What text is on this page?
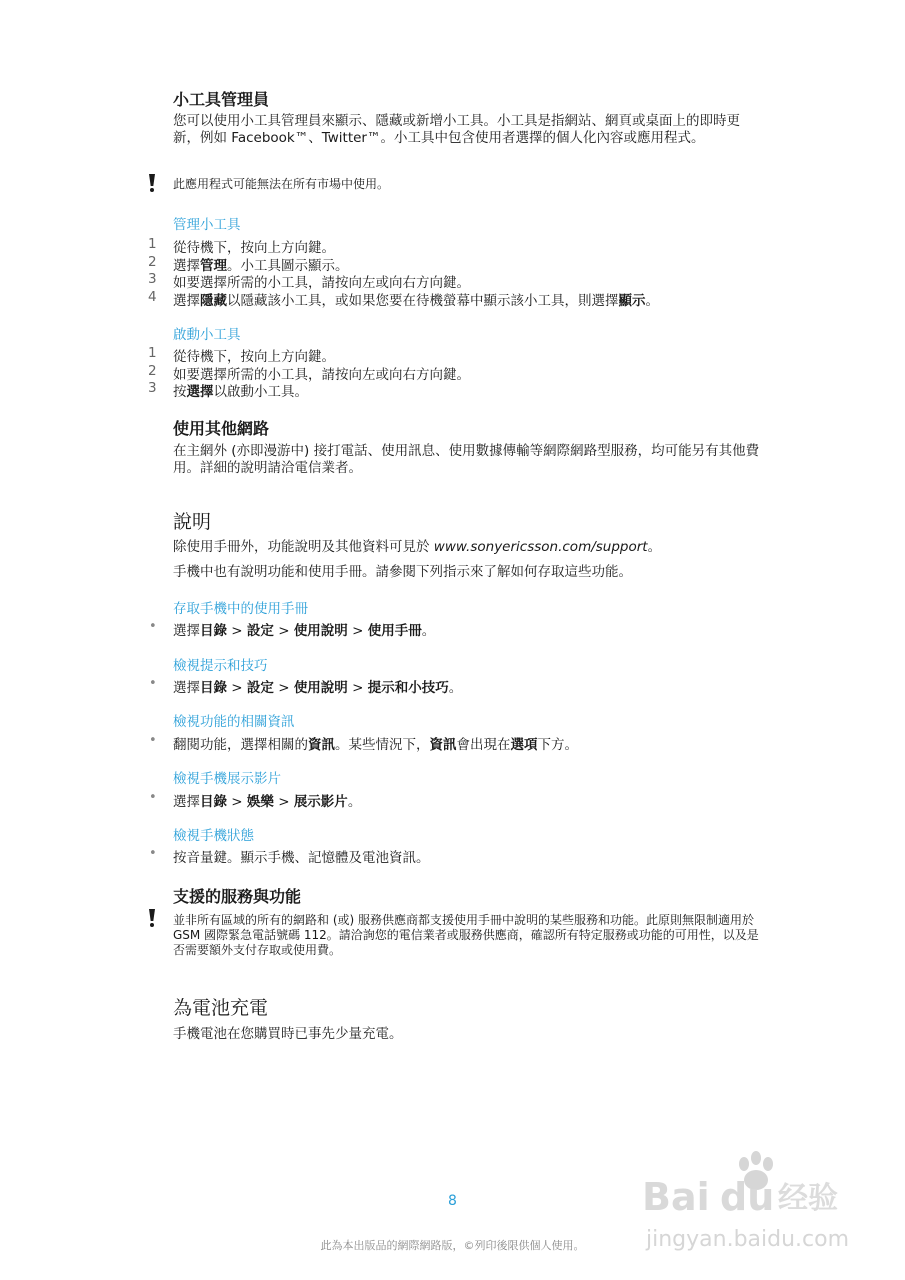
小工具管理員
您可以使用小工具管理員來顯示、隱藏或新增小工具。小工具是指網站、網頁或桌面上的即時更新，例如 Facebook™、Twitter™。小工具中包含使用者選擇的個人化內容或應用程式。
此應用程式可能無法在所有市場中使用。
管理小工具
1 從待機下，按向上方向鍵。
2 選擇管理。小工具圖示顯示。
3 如要選擇所需的小工具，請按向左或向右方向鍵。
4 選擇隱藏以隱藏該小工具，或如果您要在待機螢幕中顯示該小工具，則選擇顯示。
啟動小工具
1 從待機下，按向上方向鍵。
2 如要選擇所需的小工具，請按向左或向右方向鍵。
3 按選擇以啟動小工具。
使用其他網路
在主網外 (亦即漫游中) 接打電話、使用訊息、使用數據傳輸等網際網路型服務，均可能另有其他費用。詳細的說明請洽電信業者。
說明
除使用手冊外，功能說明及其他資料可見於 www.sonyericsson.com/support。
手機中也有說明功能和使用手冊。請參閱下列指示來了解如何存取這些功能。
存取手機中的使用手冊
• 選擇目錄 > 設定 > 使用說明 > 使用手冊。
檢視提示和技巧
• 選擇目錄 > 設定 > 使用說明 > 提示和小技巧。
檢視功能的相關資訊
• 翻閱功能，選擇相關的資訊。某些情況下，資訊會出現在選項下方。
檢視手機展示影片
• 選擇目錄 > 娛樂 > 展示影片。
檢視手機狀態
• 按音量鍵。顯示手機、記憶體及電池資訊。
支援的服務與功能
並非所有區域的所有的網路和 (或) 服務供應商都支援使用手冊中說明的某些服務和功能。此原則無限制適用於 GSM 國際緊急電話號碼 112。請洽詢您的電信業者或服務供應商，確認所有特定服務或功能的可用性，以及是否需要額外支付存取或使用費。
為電池充電
手機電池在您購買時已事先少量充電。
8
此為本出版品的網際網路版，©列印後限供個人使用。
Bai du 经验
jingyan.baidu.com
